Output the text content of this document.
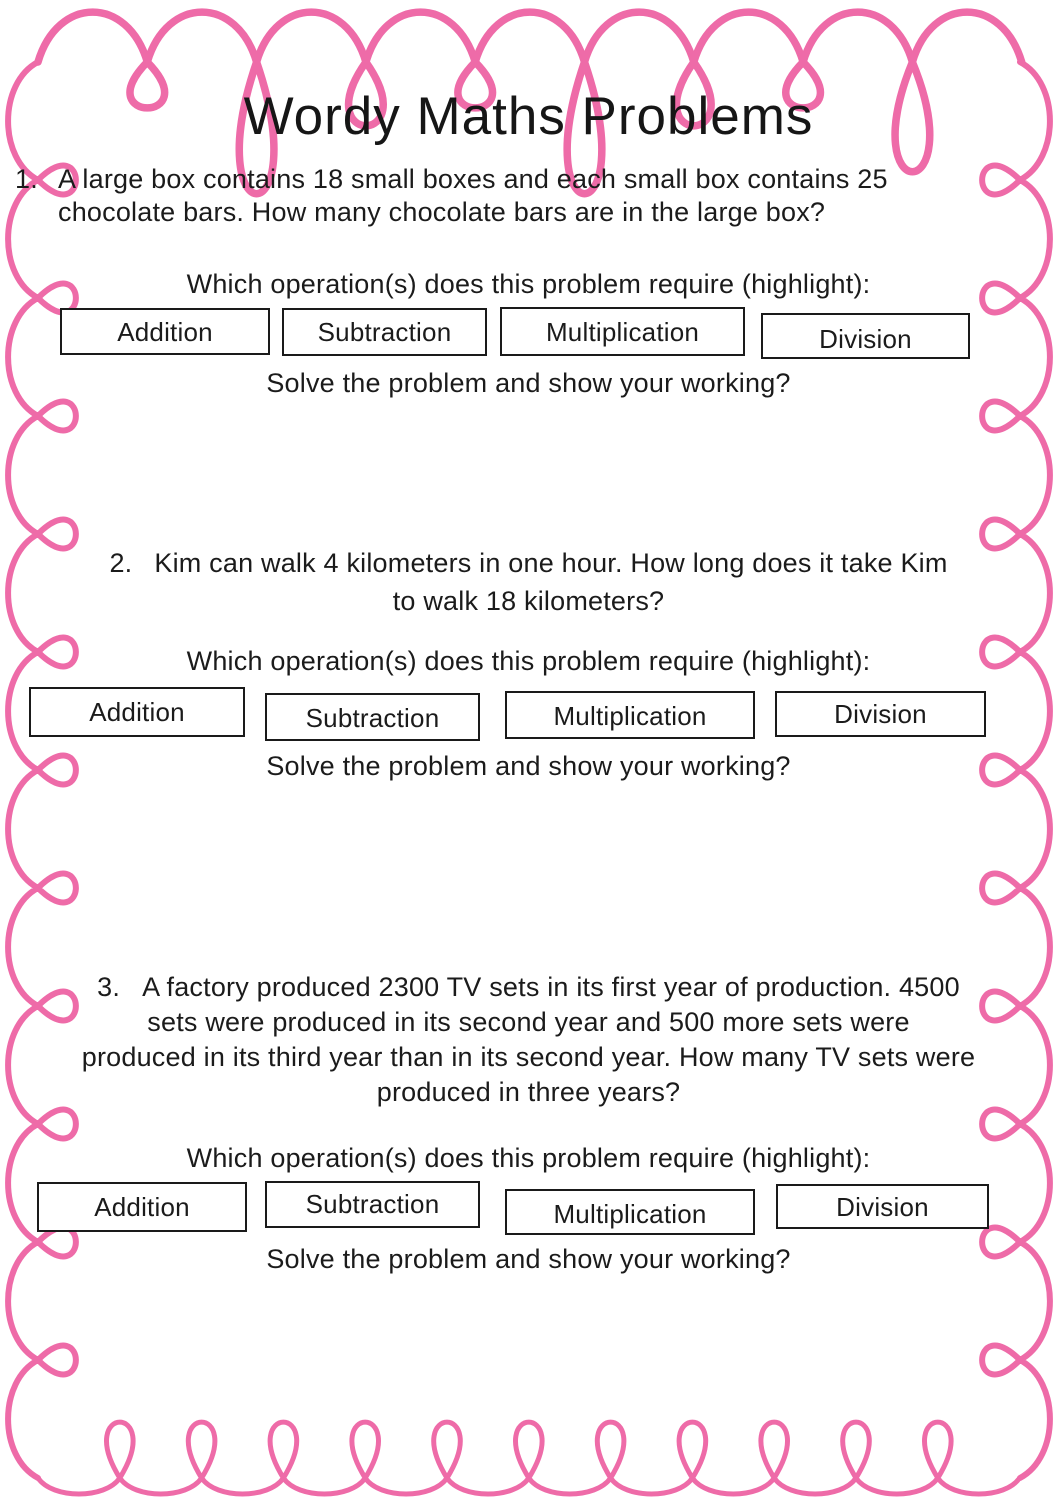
Wordy Maths Problems
1. A large box contains 18 small boxes and each small box contains 25
chocolate bars. How many chocolate bars are in the large box?
Which operation(s) does this problem require (highlight):
Addition	Subtraction	Multiplication	Division
Solve the problem and show your working?
2. Kim can walk 4 kilometers in one hour. How long does it take Kim
to walk 18 kilometers?
Which operation(s) does this problem require (highlight):
Addition	Subtraction	Multiplication	Division
Solve the problem and show your working?
3. A factory produced 2300 TV sets in its first year of production. 4500
sets were produced in its second year and 500 more sets were
produced in its third year than in its second year. How many TV sets were
produced in three years?
Which operation(s) does this problem require (highlight):
Addition	Subtraction	Multiplication	Division
Solve the problem and show your working?
